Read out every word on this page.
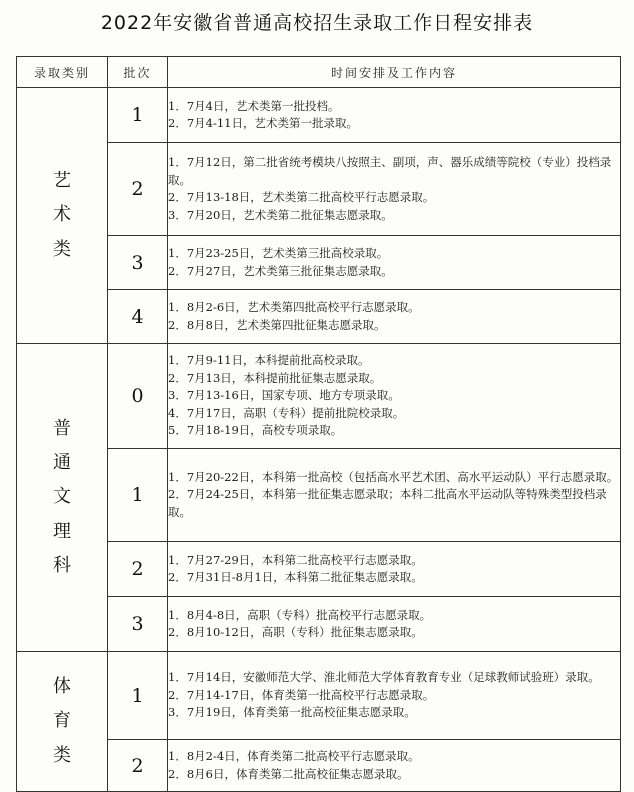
2022年安徽省普通高校招生录取工作日程安排表
录取类别	批次	时间安排及工作内容
艺术类	1	1．7月4日，艺术类第一批投档。
2．7月4-11日，艺术类第一批录取。

	2	1．7月12日，第二批省统考模块八按照主、副项，声、器乐成绩等院校（专业）投档录取。
2．7月13-18日，艺术类第二批高校平行志愿录取。
3．7月20日，艺术类第二批征集志愿录取。

	3	1．7月23-25日，艺术类第三批高校录取。
2．7月27日，艺术类第三批征集志愿录取。

	4	1．8月2-6日，艺术类第四批高校平行志愿录取。
2．8月8日，艺术类第四批征集志愿录取。

普通文理科	0	1．7月9-11日，本科提前批高校录取。
2．7月13日，本科提前批征集志愿录取。
3．7月13-16日，国家专项、地方专项录取。
4．7月17日，高职（专科）提前批院校录取。
5．7月18-19日，高校专项录取。

	1	1．7月20-22日，本科第一批高校（包括高水平艺术团、高水平运动队）平行志愿录取。
2．7月24-25日，本科第一批征集志愿录取；本科二批高水平运动队等特殊类型投档录取。

	2	1．7月27-29日，本科第二批高校平行志愿录取。
2．7月31日-8月1日，本科第二批征集志愿录取。

	3	1．8月4-8日，高职（专科）批高校平行志愿录取。
2．8月10-12日，高职（专科）批征集志愿录取。

体育类	1	1．7月14日，安徽师范大学、淮北师范大学体育教育专业（足球教师试验班）录取。
2．7月14-17日，体育类第一批高校平行志愿录取。
3．7月19日，体育类第一批高校征集志愿录取。

	2	1．8月2-4日，体育类第二批高校平行志愿录取。
2．8月6日，体育类第二批高校征集志愿录取。
